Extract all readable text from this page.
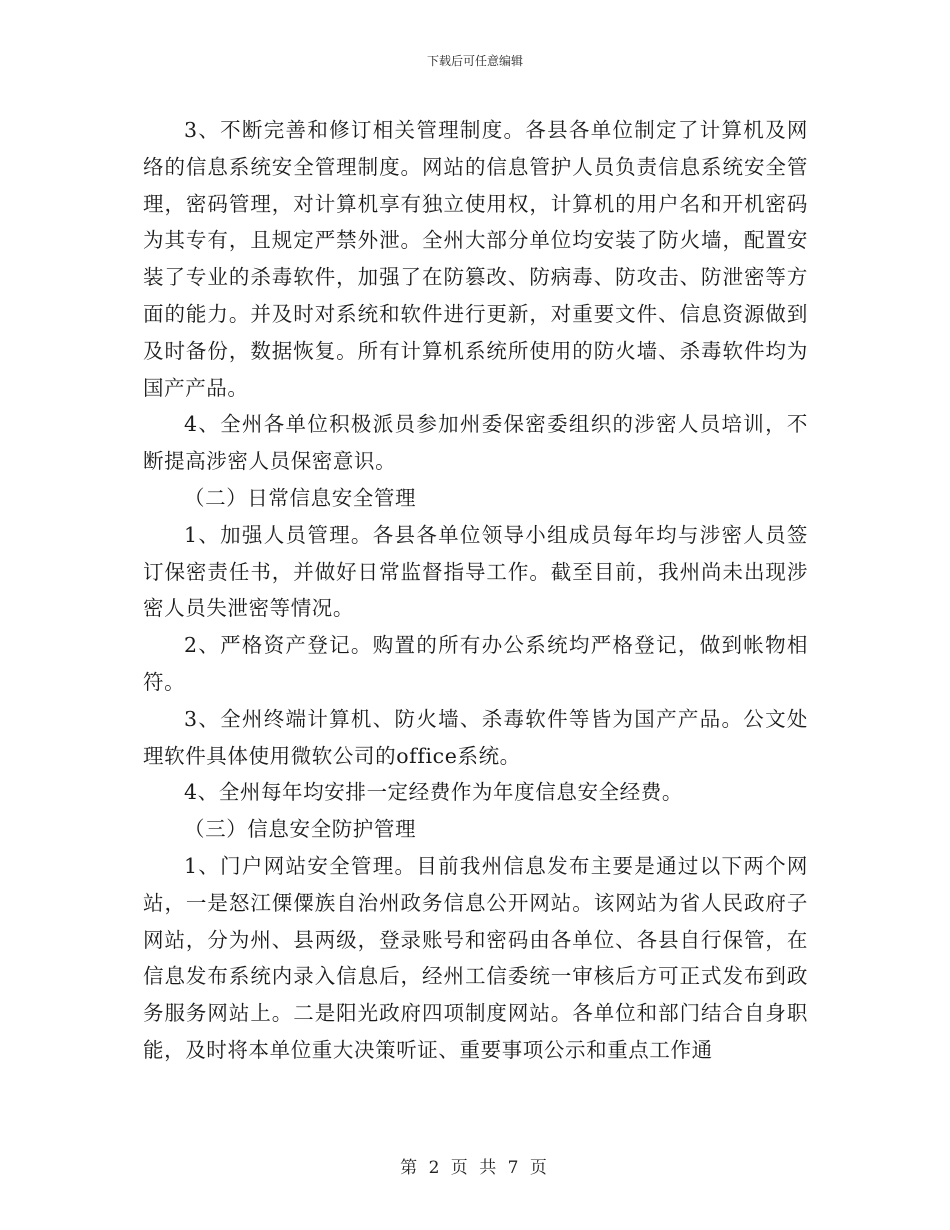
下载后可任意编辑

3、不断完善和修订相关管理制度。各县各单位制定了计算机及网络的信息系统安全管理制度。网站的信息管护人员负责信息系统安全管理，密码管理，对计算机享有独立使用权，计算机的用户名和开机密码为其专有，且规定严禁外泄。全州大部分单位均安装了防火墙，配置安装了专业的杀毒软件，加强了在防篡改、防病毒、防攻击、防泄密等方面的能力。并及时对系统和软件进行更新，对重要文件、信息资源做到及时备份，数据恢复。所有计算机系统所使用的防火墙、杀毒软件均为国产产品。

4、全州各单位积极派员参加州委保密委组织的涉密人员培训，不断提高涉密人员保密意识。

（二）日常信息安全管理

1、加强人员管理。各县各单位领导小组成员每年均与涉密人员签订保密责任书，并做好日常监督指导工作。截至目前，我州尚未出现涉密人员失泄密等情况。

2、严格资产登记。购置的所有办公系统均严格登记，做到帐物相符。

3、全州终端计算机、防火墙、杀毒软件等皆为国产产品。公文处理软件具体使用微软公司的office系统。

4、全州每年均安排一定经费作为年度信息安全经费。

（三）信息安全防护管理

1、门户网站安全管理。目前我州信息发布主要是通过以下两个网站，一是怒江傈僳族自治州政务信息公开网站。该网站为省人民政府子网站，分为州、县两级，登录账号和密码由各单位、各县自行保管，在信息发布系统内录入信息后，经州工信委统一审核后方可正式发布到政务服务网站上。二是阳光政府四项制度网站。各单位和部门结合自身职能，及时将本单位重大决策听证、重要事项公示和重点工作通

第 2 页 共 7 页
